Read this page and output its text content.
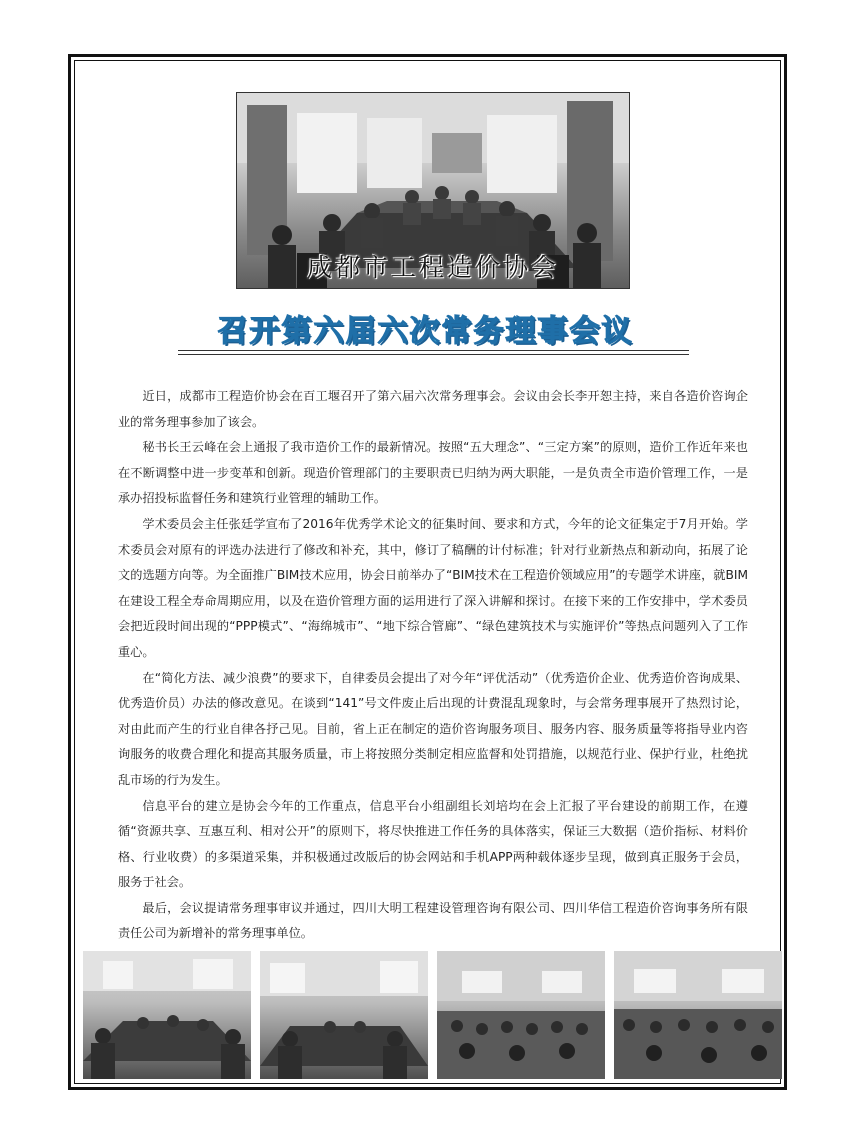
成都市工程造价协会
召开第六届六次常务理事会议

近日，成都市工程造价协会在百工堰召开了第六届六次常务理事会。会议由会长李开恕主持，来自各造价咨询企业的常务理事参加了该会。

秘书长王云峰在会上通报了我市造价工作的最新情况。按照“五大理念”、“三定方案”的原则，造价工作近年来也在不断调整中进一步变革和创新。现造价管理部门的主要职责已归纳为两大职能，一是负责全市造价管理工作，一是承办招投标监督任务和建筑行业管理的辅助工作。

学术委员会主任张廷学宣布了2016年优秀学术论文的征集时间、要求和方式，今年的论文征集定于7月开始。学术委员会对原有的评选办法进行了修改和补充，其中，修订了稿酬的计付标准；针对行业新热点和新动向，拓展了论文的选题方向等。为全面推广BIM技术应用，协会日前举办了“BIM技术在工程造价领域应用”的专题学术讲座，就BIM在建设工程全寿命周期应用，以及在造价管理方面的运用进行了深入讲解和探讨。在接下来的工作安排中，学术委员会把近段时间出现的“PPP模式”、“海绵城市”、“地下综合管廊”、“绿色建筑技术与实施评价”等热点问题列入了工作重心。

在“简化方法、减少浪费”的要求下，自律委员会提出了对今年“评优活动”（优秀造价企业、优秀造价咨询成果、优秀造价员）办法的修改意见。在谈到“141”号文件废止后出现的计费混乱现象时，与会常务理事展开了热烈讨论，对由此而产生的行业自律各抒己见。目前，省上正在制定的造价咨询服务项目、服务内容、服务质量等将指导业内咨询服务的收费合理化和提高其服务质量，市上将按照分类制定相应监督和处罚措施，以规范行业、保护行业，杜绝扰乱市场的行为发生。

信息平台的建立是协会今年的工作重点，信息平台小组副组长刘培均在会上汇报了平台建设的前期工作，在遵循“资源共享、互惠互利、相对公开”的原则下，将尽快推进工作任务的具体落实，保证三大数据（造价指标、材料价格、行业收费）的多渠道采集，并积极通过改版后的协会网站和手机APP两种载体逐步呈现，做到真正服务于会员，服务于社会。

最后，会议提请常务理事审议并通过，四川大明工程建设管理咨询有限公司、四川华信工程造价咨询事务所有限责任公司为新增补的常务理事单位。
